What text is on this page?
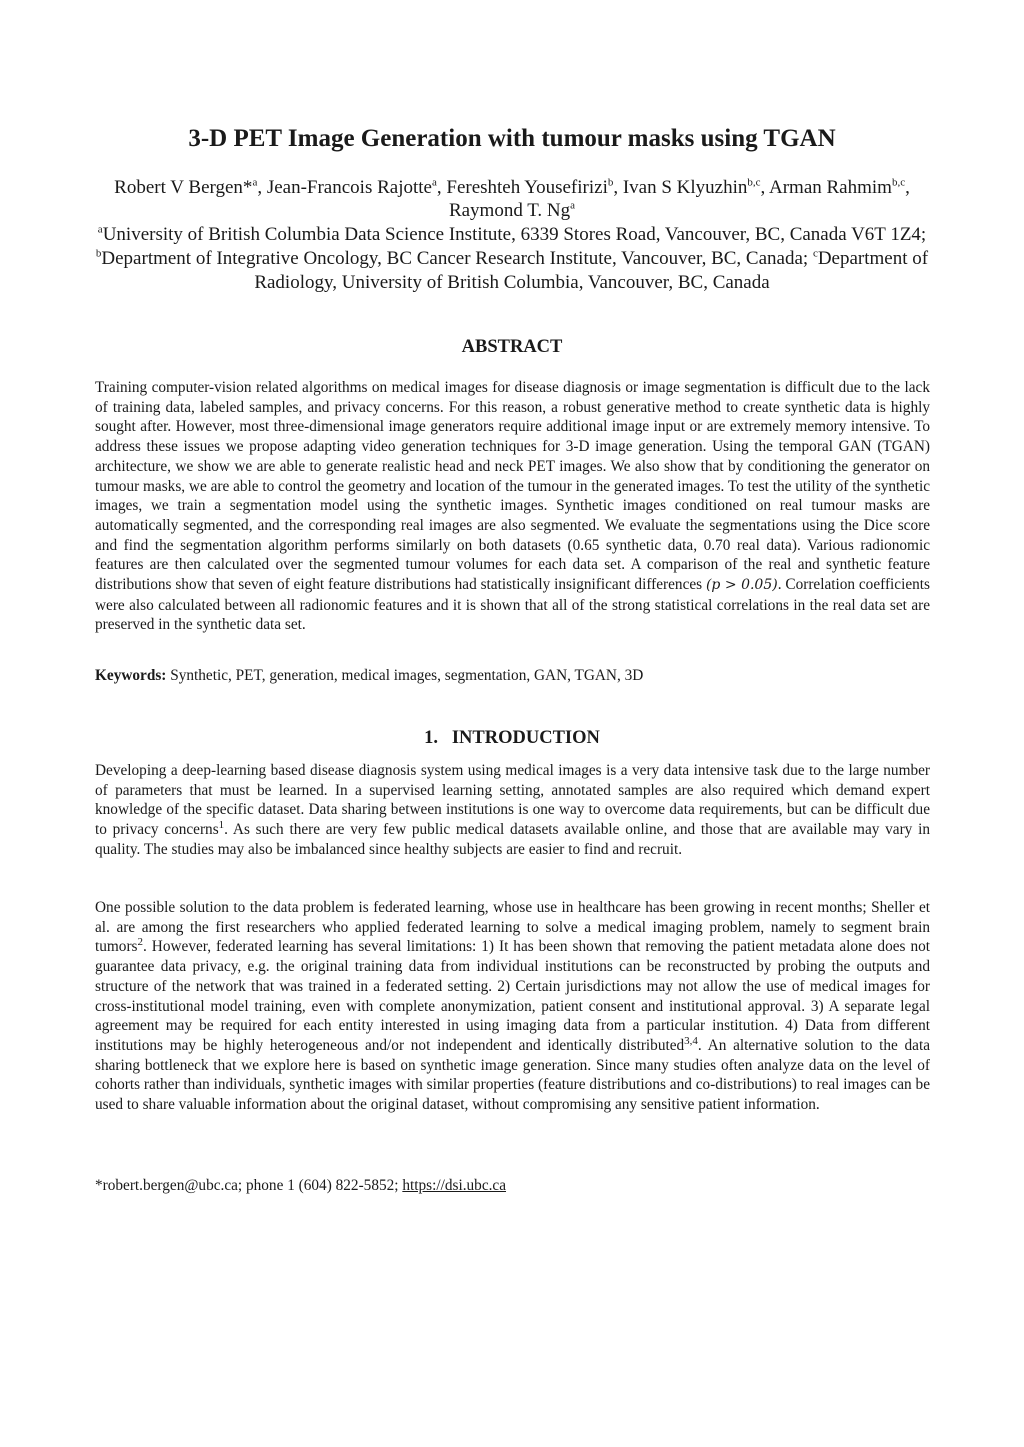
3-D PET Image Generation with tumour masks using TGAN
Robert V Bergen*$^a$, Jean-Francois Rajotte$^a$, Fereshteh Yousefirizi$^b$, Ivan S Klyuzhin$^{b,c}$, Arman Rahmim$^{b,c}$, Raymond T. Ng$^a$
$^a$University of British Columbia Data Science Institute, 6339 Stores Road, Vancouver, BC, Canada V6T 1Z4; $^b$Department of Integrative Oncology, BC Cancer Research Institute, Vancouver, BC, Canada; $^c$Department of Radiology, University of British Columbia, Vancouver, BC, Canada
ABSTRACT
Training computer-vision related algorithms on medical images for disease diagnosis or image segmentation is difficult due to the lack of training data, labeled samples, and privacy concerns. For this reason, a robust generative method to create synthetic data is highly sought after. However, most three-dimensional image generators require additional image input or are extremely memory intensive. To address these issues we propose adapting video generation techniques for 3-D image generation. Using the temporal GAN (TGAN) architecture, we show we are able to generate realistic head and neck PET images. We also show that by conditioning the generator on tumour masks, we are able to control the geometry and location of the tumour in the generated images. To test the utility of the synthetic images, we train a segmentation model using the synthetic images. Synthetic images conditioned on real tumour masks are automatically segmented, and the corresponding real images are also segmented. We evaluate the segmentations using the Dice score and find the segmentation algorithm performs similarly on both datasets (0.65 synthetic data, 0.70 real data). Various radionomic features are then calculated over the segmented tumour volumes for each data set. A comparison of the real and synthetic feature distributions show that seven of eight feature distributions had statistically insignificant differences (p > 0.05). Correlation coefficients were also calculated between all radionomic features and it is shown that all of the strong statistical correlations in the real data set are preserved in the synthetic data set.
Keywords: Synthetic, PET, generation, medical images, segmentation, GAN, TGAN, 3D
1.   INTRODUCTION
Developing a deep-learning based disease diagnosis system using medical images is a very data intensive task due to the large number of parameters that must be learned. In a supervised learning setting, annotated samples are also required which demand expert knowledge of the specific dataset. Data sharing between institutions is one way to overcome data requirements, but can be difficult due to privacy concerns$^1$. As such there are very few public medical datasets available online, and those that are available may vary in quality. The studies may also be imbalanced since healthy subjects are easier to find and recruit.
One possible solution to the data problem is federated learning, whose use in healthcare has been growing in recent months; Sheller et al. are among the first researchers who applied federated learning to solve a medical imaging problem, namely to segment brain tumors$^2$. However, federated learning has several limitations: 1) It has been shown that removing the patient metadata alone does not guarantee data privacy, e.g. the original training data from individual institutions can be reconstructed by probing the outputs and structure of the network that was trained in a federated setting. 2) Certain jurisdictions may not allow the use of medical images for cross-institutional model training, even with complete anonymization, patient consent and institutional approval. 3) A separate legal agreement may be required for each entity interested in using imaging data from a particular institution. 4) Data from different institutions may be highly heterogeneous and/or not independent and identically distributed$^{3,4}$. An alternative solution to the data sharing bottleneck that we explore here is based on synthetic image generation. Since many studies often analyze data on the level of cohorts rather than individuals, synthetic images with similar properties (feature distributions and co-distributions) to real images can be used to share valuable information about the original dataset, without compromising any sensitive patient information.
*robert.bergen@ubc.ca; phone 1 (604) 822-5852; https://dsi.ubc.ca
